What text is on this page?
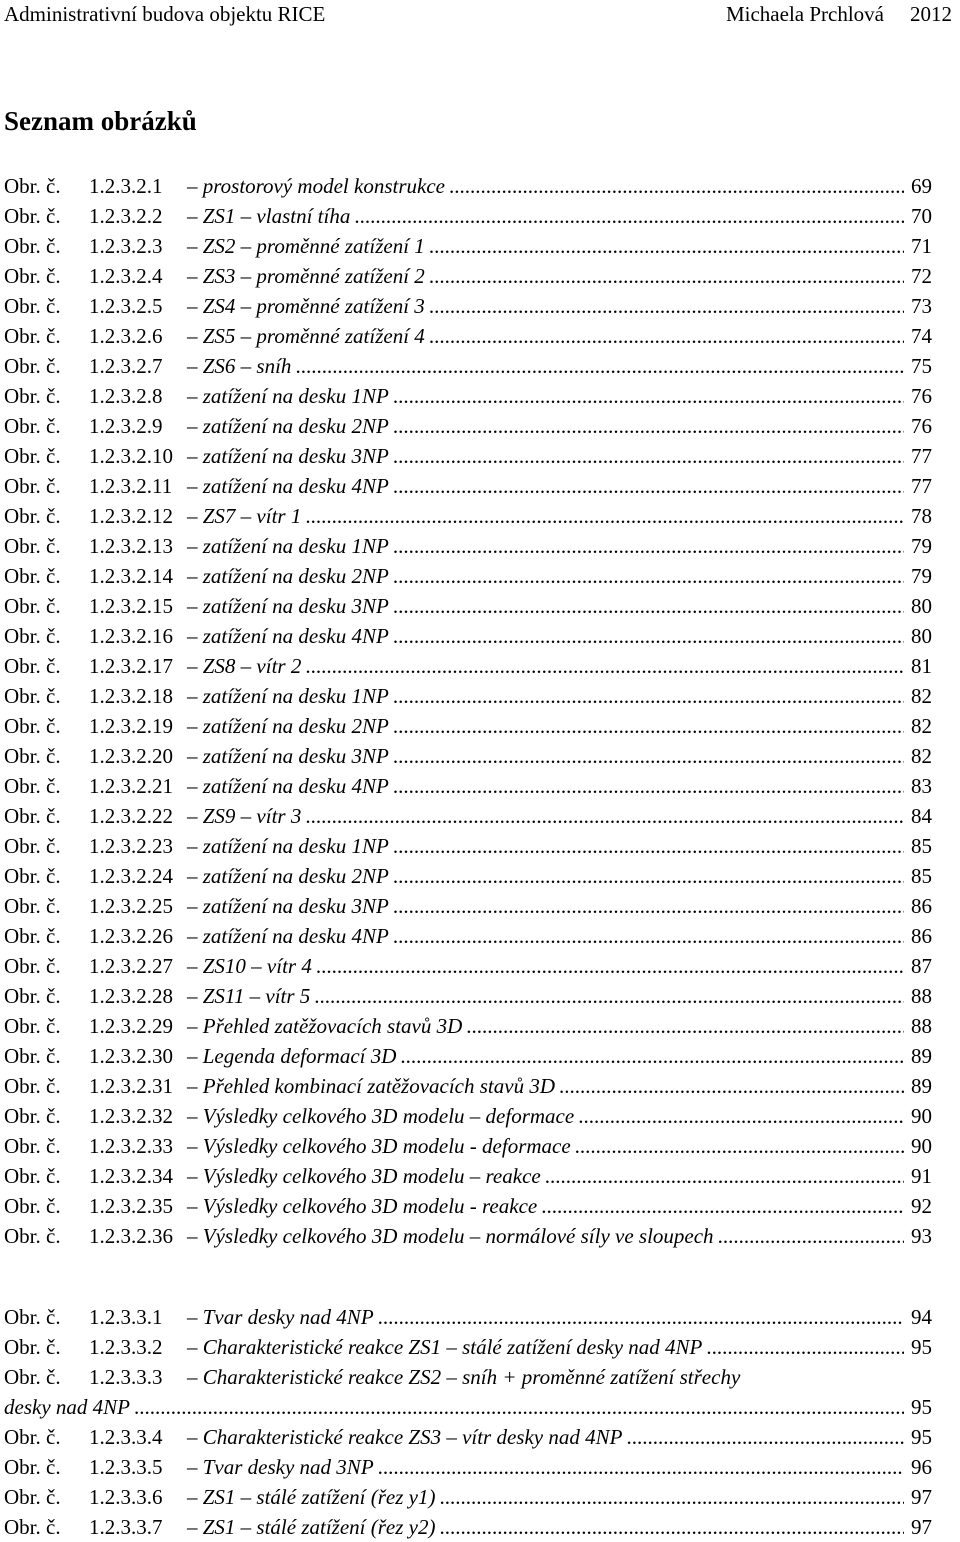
Administrativní budova objektu RICE	Michaela Prchlová 2012
Seznam obrázků
Obr. č.	1.2.3.2.1	– prostorový model konstrukce .....	69
Obr. č.	1.2.3.2.2	– ZS1 – vlastní tíha .....	70
Obr. č.	1.2.3.2.3	– ZS2 – proměnné zatížení 1 .....	71
Obr. č.	1.2.3.2.4	– ZS3 – proměnné zatížení 2 .....	72
Obr. č.	1.2.3.2.5	– ZS4 – proměnné zatížení 3 .....	73
Obr. č.	1.2.3.2.6	– ZS5 – proměnné zatížení 4 .....	74
Obr. č.	1.2.3.2.7	– ZS6 – sníh .....	75
Obr. č.	1.2.3.2.8	– zatížení na desku 1NP .....	76
Obr. č.	1.2.3.2.9	– zatížení na desku 2NP .....	76
Obr. č.	1.2.3.2.10 – zatížení na desku 3NP .....	77
Obr. č.	1.2.3.2.11 – zatížení na desku 4NP .....	77
Obr. č.	1.2.3.2.12 – ZS7 – vítr 1 .....	78
Obr. č.	1.2.3.2.13 – zatížení na desku 1NP .....	79
Obr. č.	1.2.3.2.14 – zatížení na desku 2NP .....	79
Obr. č.	1.2.3.2.15 – zatížení na desku 3NP .....	80
Obr. č.	1.2.3.2.16 – zatížení na desku 4NP .....	80
Obr. č.	1.2.3.2.17 – ZS8 – vítr 2 .....	81
Obr. č.	1.2.3.2.18 – zatížení na desku 1NP .....	82
Obr. č.	1.2.3.2.19 – zatížení na desku 2NP .....	82
Obr. č.	1.2.3.2.20 – zatížení na desku 3NP .....	82
Obr. č.	1.2.3.2.21 – zatížení na desku 4NP .....	83
Obr. č.	1.2.3.2.22 – ZS9 – vítr 3 .....	84
Obr. č.	1.2.3.2.23 – zatížení na desku 1NP .....	85
Obr. č.	1.2.3.2.24 – zatížení na desku 2NP .....	85
Obr. č.	1.2.3.2.25 – zatížení na desku 3NP .....	86
Obr. č.	1.2.3.2.26 – zatížení na desku 4NP .....	86
Obr. č.	1.2.3.2.27 – ZS10 – vítr 4 .....	87
Obr. č.	1.2.3.2.28 – ZS11 – vítr 5 .....	88
Obr. č.	1.2.3.2.29 – Přehled zatěžovacích stavů 3D .....	88
Obr. č.	1.2.3.2.30 – Legenda deformací 3D .....	89
Obr. č.	1.2.3.2.31 – Přehled kombinací zatěžovacích stavů 3D .....	89
Obr. č.	1.2.3.2.32 – Výsledky celkového 3D modelu – deformace .....	90
Obr. č.	1.2.3.2.33 – Výsledky celkového 3D modelu - deformace .....	90
Obr. č.	1.2.3.2.34 – Výsledky celkového 3D modelu – reakce .....	91
Obr. č.	1.2.3.2.35 – Výsledky celkového 3D modelu - reakce .....	92
Obr. č.	1.2.3.2.36 – Výsledky celkového 3D modelu – normálové síly ve sloupech .....	93
Obr. č.	1.2.3.3.1	– Tvar desky nad 4NP .....	94
Obr. č.	1.2.3.3.2	– Charakteristické reakce ZS1 – stálé zatížení desky nad 4NP .....	95
Obr. č.	1.2.3.3.3	– Charakteristické reakce ZS2 – sníh + proměnné zatížení střechy
desky nad 4NP .....	95
Obr. č.	1.2.3.3.4	– Charakteristické reakce ZS3 – vítr desky nad 4NP .....	95
Obr. č.	1.2.3.3.5	– Tvar desky nad 3NP .....	96
Obr. č.	1.2.3.3.6	– ZS1 – stálé zatížení (řez y1) .....	97
Obr. č.	1.2.3.3.7	– ZS1 – stálé zatížení (řez y2) .....	97
